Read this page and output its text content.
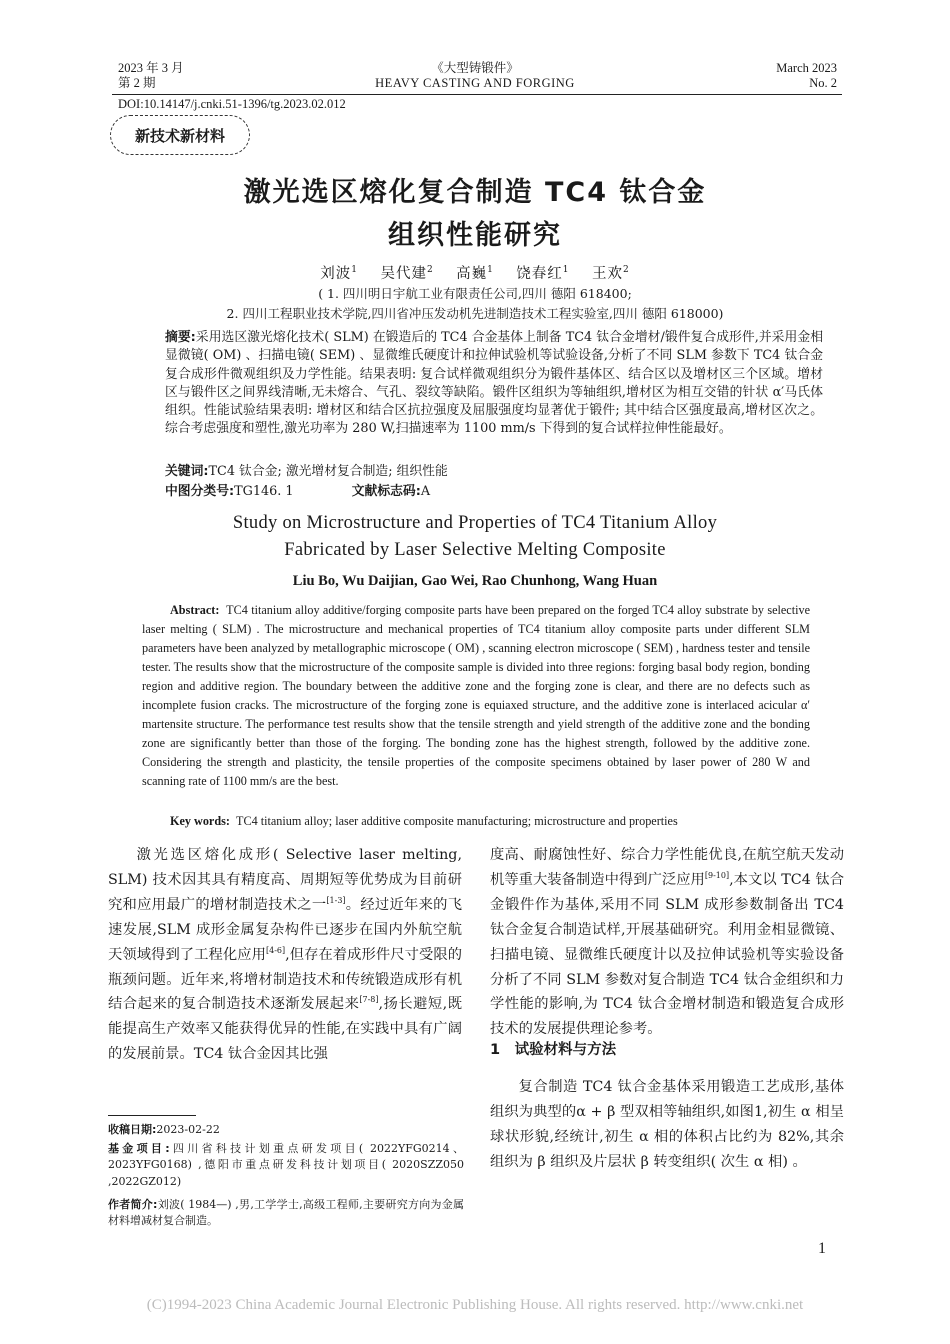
2023 年 3 月
第 2 期
《大型铸锻件》
HEAVY CASTING AND FORGING
March 2023
No. 2
DOI:10.14147/j.cnki.51-1396/tg.2023.02.012
新技术新材料
激光选区熔化复合制造 TC4 钛合金
组织性能研究
刘波$^1$ 吴代建$^2$ 高巍$^1$ 饶春红$^1$ 王欢$^2$
( 1. 四川明日宇航工业有限责任公司,四川 德阳 618400;
2. 四川工程职业技术学院,四川省冲压发动机先进制造技术工程实验室,四川 德阳 618000)
摘要:采用选区激光熔化技术( SLM) 在锻造后的 TC4 合金基体上制备 TC4 钛合金增材/锻件复合成形件,并采用金相显微镜( OM) 、扫描电镜( SEM) 、显微维氏硬度计和拉伸试验机等试验设备,分析了不同 SLM 参数下 TC4 钛合金复合成形件微观组织及力学性能。结果表明: 复合试样微观组织分为锻件基体区、结合区以及增材区三个区域。增材区与锻件区之间界线清晰,无未熔合、气孔、裂纹等缺陷。锻件区组织为等轴组织,增材区为相互交错的针状 α′马氏体组织。性能试验结果表明: 增材区和结合区抗拉强度及屈服强度均显著优于锻件; 其中结合区强度最高,增材区次之。综合考虑强度和塑性,激光功率为 280 W,扫描速率为 1100 mm/s 下得到的复合试样拉伸性能最好。
关键词:TC4 钛合金; 激光增材复合制造; 组织性能
中图分类号:TG146. 1	文献标志码:A
Study on Microstructure and Properties of TC4 Titanium Alloy
Fabricated by Laser Selective Melting Composite
Liu Bo, Wu Daijian, Gao Wei, Rao Chunhong, Wang Huan
Abstract: TC4 titanium alloy additive/forging composite parts have been prepared on the forged TC4 alloy substrate by selective laser melting ( SLM) . The microstructure and mechanical properties of TC4 titanium alloy composite parts under different SLM parameters have been analyzed by metallographic microscope ( OM) , scanning electron microscope ( SEM) , hardness tester and tensile tester. The results show that the microstructure of the composite sample is divided into three regions: forging basal body region, bonding region and additive region. The boundary between the additive zone and the forging zone is clear, and there are no defects such as incomplete fusion cracks. The microstructure of the forging zone is equiaxed structure, and the additive zone is interlaced acicular α′ martensite structure. The performance test results show that the tensile strength and yield strength of the additive zone and the bonding zone are significantly better than those of the forging. The bonding zone has the highest strength, followed by the additive zone. Considering the strength and plasticity, the tensile properties of the composite specimens obtained by laser power of 280 W and scanning rate of 1100 mm/s are the best.
Key words: TC4 titanium alloy; laser additive composite manufacturing; microstructure and properties
激光选区熔化成形( Selective laser melting, SLM) 技术因其具有精度高、周期短等优势成为目前研究和应用最广的增材制造技术之一[1-3]。经过近年来的飞速发展,SLM 成形金属复杂构件已逐步在国内外航空航天领域得到了工程化应用[4-6],但存在着成形件尺寸受限的瓶颈问题。近年来,将增材制造技术和传统锻造成形有机结合起来的复合制造技术逐渐发展起来[7-8],扬长避短,既能提高生产效率又能获得优异的性能,在实践中具有广阔的发展前景。TC4 钛合金因其比强
收稿日期:2023-02-22
基金项目:四川省科技计划重点研发项目( 2022YFG0214、2023YFG0168) ,德阳市重点研发科技计划项目( 2020SZZ050 ,2022GZ012)
作者简介:刘波( 1984—) ,男,工学学士,高级工程师,主要研究方向为金属材料增减材复合制造。
度高、耐腐蚀性好、综合力学性能优良,在航空航天发动机等重大装备制造中得到广泛应用[9-10],本文以 TC4 钛合金锻件作为基体,采用不同 SLM 成形参数制备出 TC4 钛合金复合制造试样,开展基础研究。利用金相显微镜、扫描电镜、显微维氏硬度计以及拉伸试验机等实验设备分析了不同 SLM 参数对复合制造 TC4 钛合金组织和力学性能的影响,为 TC4 钛合金增材制造和锻造复合成形技术的发展提供理论参考。
1　试验材料与方法
复合制造 TC4 钛合金基体采用锻造工艺成形,基体组织为典型的α + β 型双相等轴组织,如图1,初生 α 相呈球状形貌,经统计,初生 α 相的体积占比约为 82%,其余组织为 β 组织及片层状 β 转变组织( 次生 α 相) 。
1
(C)1994-2023 China Academic Journal Electronic Publishing House. All rights reserved. http://www.cnki.net
